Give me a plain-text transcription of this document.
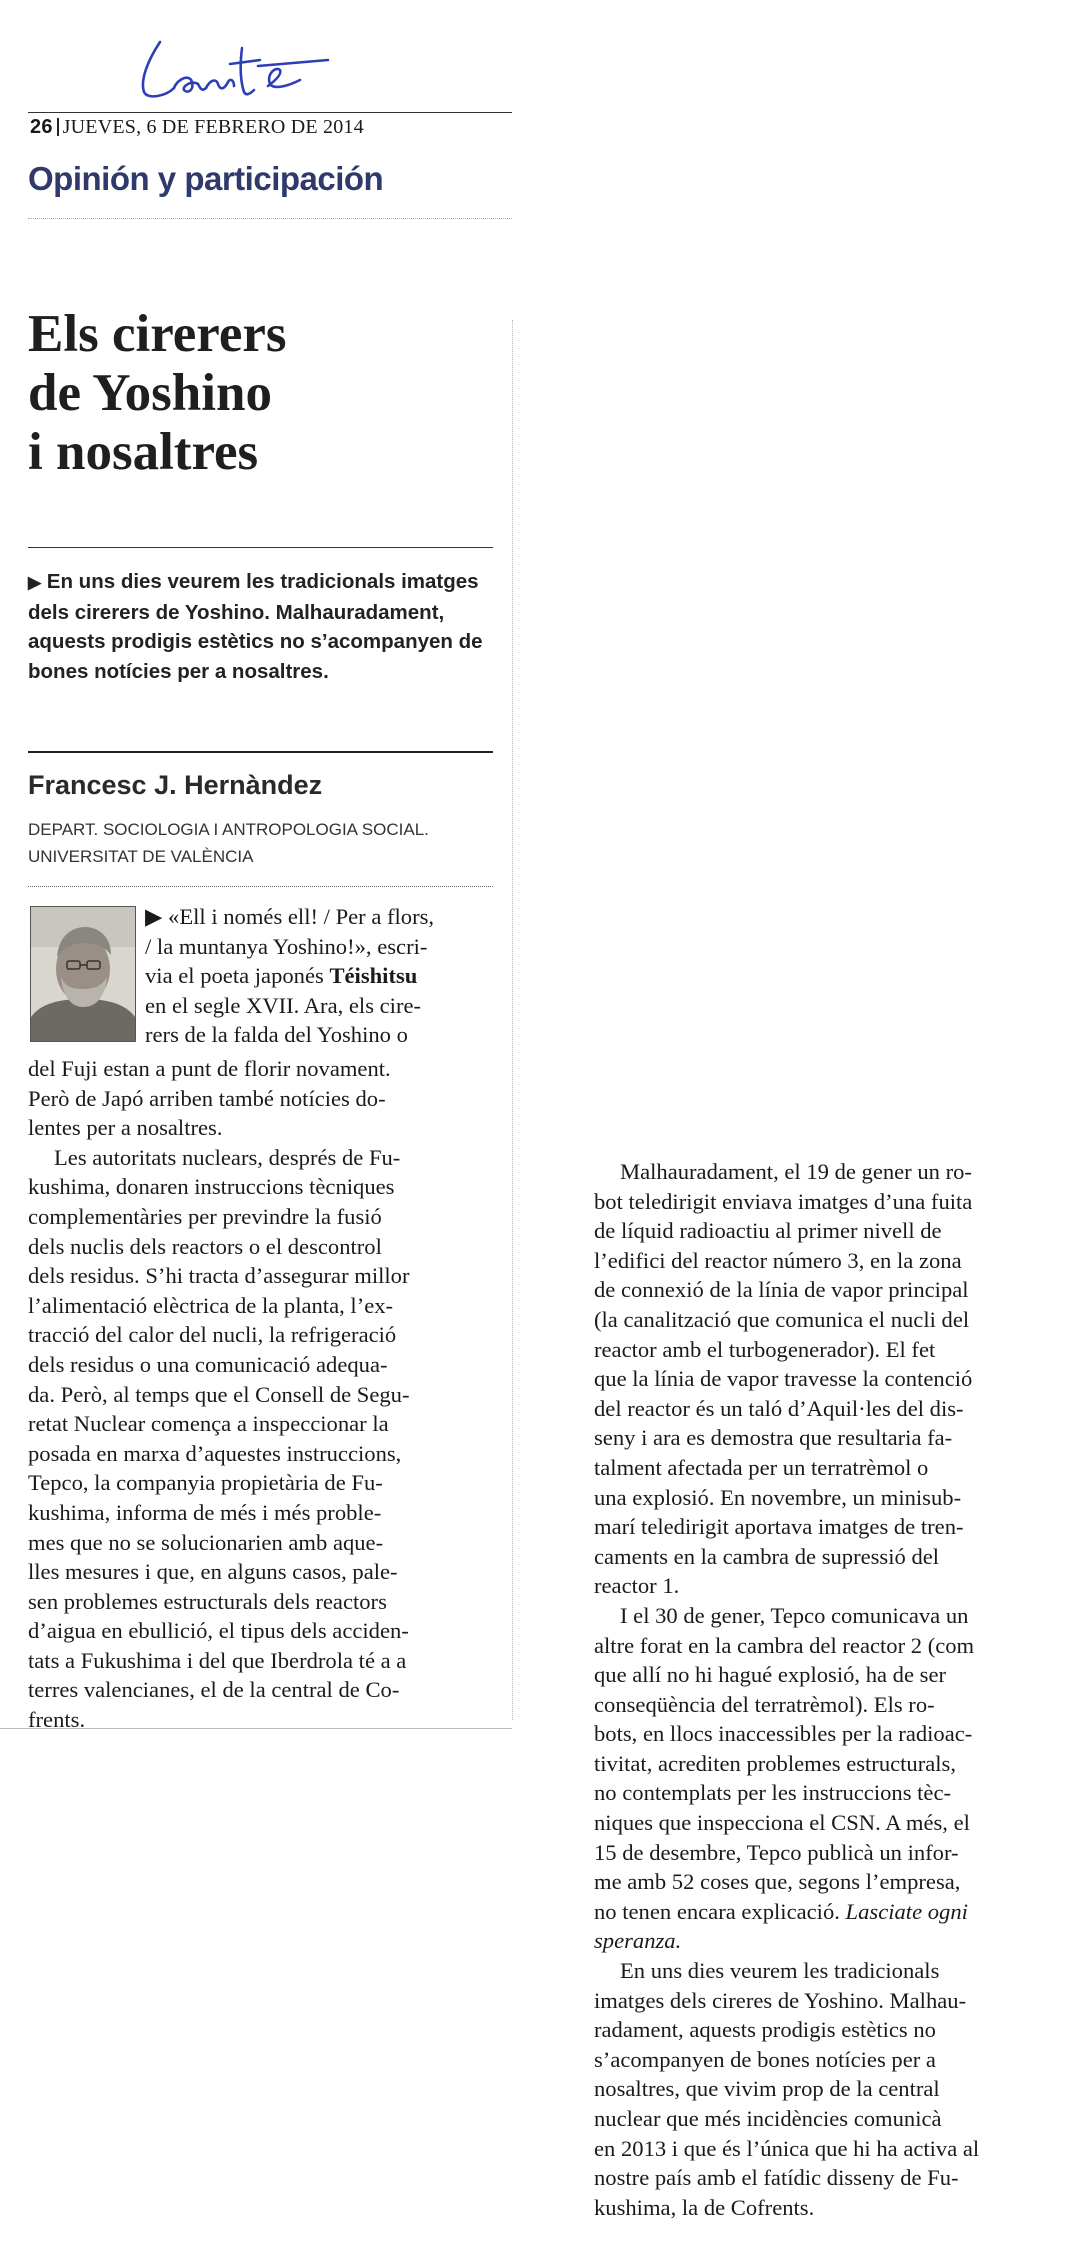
26 JUEVES, 6 DE FEBRERO DE 2014
Opinión y participación
Els cirerers
de Yoshino
i nosaltres
▶ En uns dies veurem les tradicionals imatges dels cirerers de Yoshino. Malhauradament, aquests prodigis estètics no s’acompanyen de bones notícies per a nosaltres.
Francesc J. Hernàndez
DEPART. SOCIOLOGIA I ANTROPOLOGIA SOCIAL.
UNIVERSITAT DE VALÈNCIA
▶ «Ell i només ell! / Per a flors,
/ la muntanya Yoshino!», escri-
via el poeta japonés Téishitsu
en el segle XVII. Ara, els cire-
rers de la falda del Yoshino o
del Fuji estan a punt de florir novament.
Però de Japó arriben també notícies do-
lentes per a nosaltres.
Les autoritats nuclears, després de Fu-
kushima, donaren instruccions tècniques
complementàries per previndre la fusió
dels nuclis dels reactors o el descontrol
dels residus. S’hi tracta d’assegurar millor
l’alimentació elèctrica de la planta, l’ex-
tracció del calor del nucli, la refrigeració
dels residus o una comunicació adequa-
da. Però, al temps que el Consell de Segu-
retat Nuclear comença a inspeccionar la
posada en marxa d’aquestes instruccions,
Tepco, la companyia propietària de Fu-
kushima, informa de més i més proble-
mes que no se solucionarien amb aque-
lles mesures i que, en alguns casos, pale-
sen problemes estructurals dels reactors
d’aigua en ebullició, el tipus dels acciden-
tats a Fukushima i del que Iberdrola té a a
terres valencianes, el de la central de Co-
frents.
Malhauradament, el 19 de gener un ro-
bot teledirigit enviava imatges d’una fuita
de líquid radioactiu al primer nivell de
l’edifici del reactor número 3, en la zona
de connexió de la línia de vapor principal
(la canalització que comunica el nucli del
reactor amb el turbogenerador). El fet
que la línia de vapor travesse la contenció
del reactor és un taló d’Aquil·les del dis-
seny i ara es demostra que resultaria fa-
talment afectada per un terratrèmol o
una explosió. En novembre, un minisub-
marí teledirigit aportava imatges de tren-
caments en la cambra de supressió del
reactor 1.
I el 30 de gener, Tepco comunicava un
altre forat en la cambra del reactor 2 (com
que allí no hi hagué explosió, ha de ser
conseqüència del terratrèmol). Els ro-
bots, en llocs inaccessibles per la radioac-
tivitat, acrediten problemes estructurals,
no contemplats per les instruccions tèc-
niques que inspecciona el CSN. A més, el
15 de desembre, Tepco publicà un infor-
me amb 52 coses que, segons l’empresa,
no tenen encara explicació. Lasciate ogni
speranza.
En uns dies veurem les tradicionals
imatges dels cireres de Yoshino. Malhau-
radament, aquests prodigis estètics no
s’acompanyen de bones notícies per a
nosaltres, que vivim prop de la central
nuclear que més incidències comunicà
en 2013 i que és l’única que hi ha activa al
nostre país amb el fatídic disseny de Fu-
kushima, la de Cofrents.
